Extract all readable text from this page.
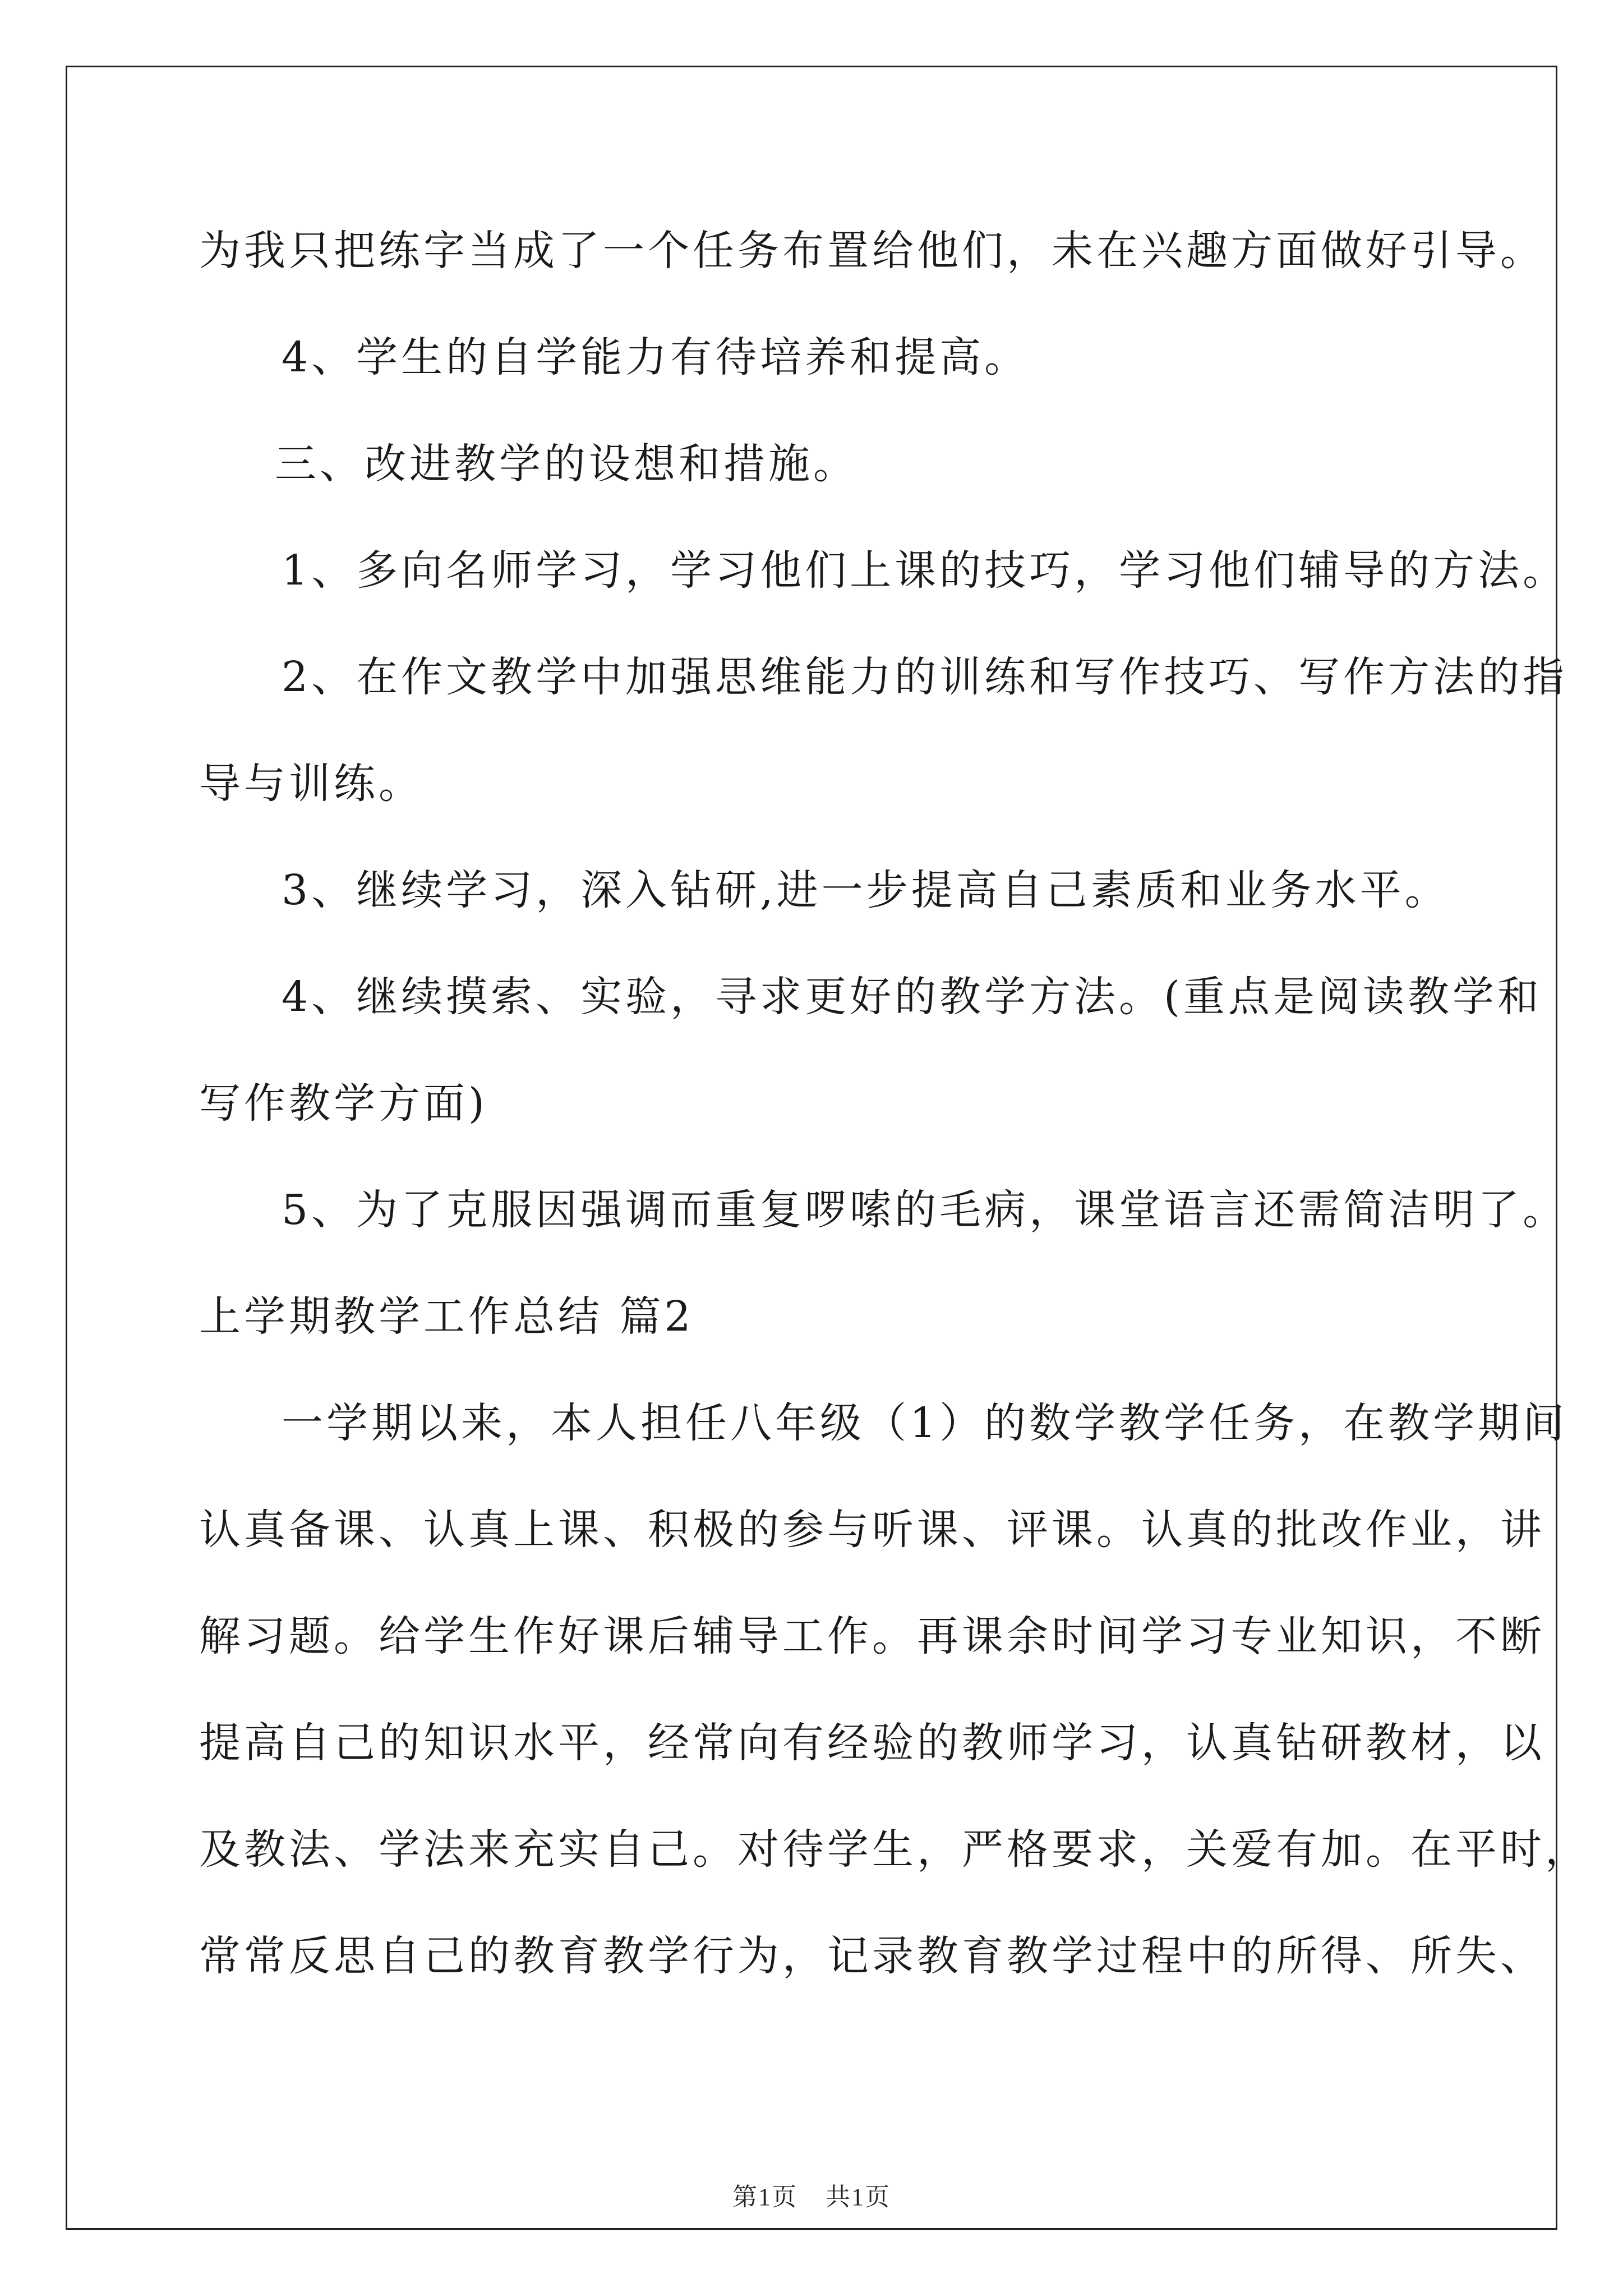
为我只把练字当成了一个任务布置给他们，未在兴趣方面做好引导。
4、学生的自学能力有待培养和提高。
三、改进教学的设想和措施。
1、多向名师学习，学习他们上课的技巧，学习他们辅导的方法。
2、在作文教学中加强思维能力的训练和写作技巧、写作方法的指
导与训练。
3、继续学习，深入钻研,进一步提高自己素质和业务水平。
4、继续摸索、实验，寻求更好的教学方法。(重点是阅读教学和
写作教学方面)
5、为了克服因强调而重复啰嗦的毛病，课堂语言还需简洁明了。
上学期教学工作总结 篇2
一学期以来，本人担任八年级（1）的数学教学任务，在教学期间
认真备课、认真上课、积极的参与听课、评课。认真的批改作业，讲
解习题。给学生作好课后辅导工作。再课余时间学习专业知识，不断
提高自己的知识水平，经常向有经验的教师学习，认真钻研教材，以
及教法、学法来充实自己。对待学生，严格要求，关爱有加。在平时，
常常反思自己的教育教学行为，记录教育教学过程中的所得、所失、
第1页 共1页
